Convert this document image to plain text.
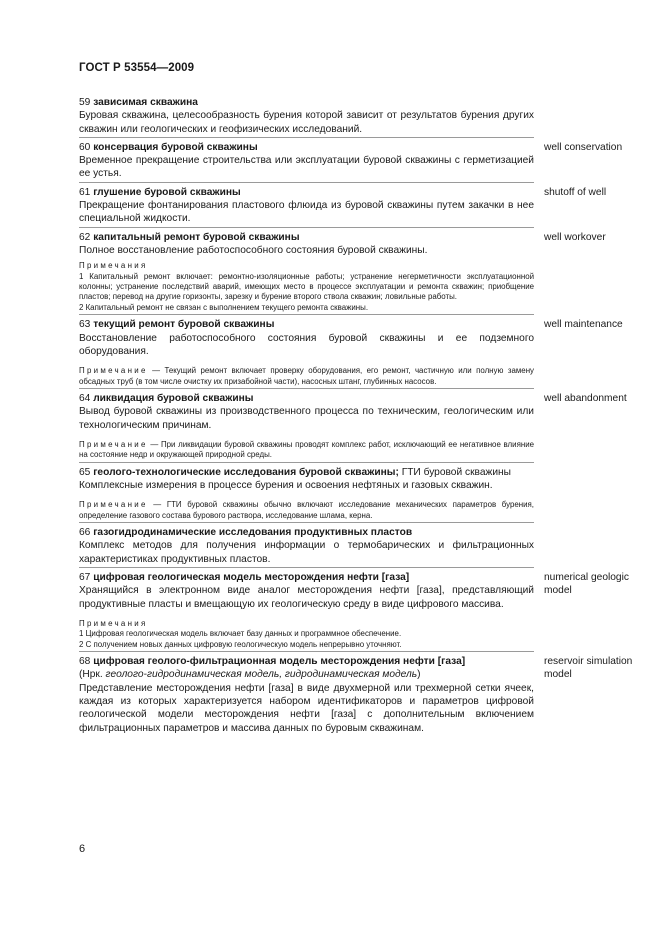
ГОСТ Р 53554—2009
59 зависимая скважина
Буровая скважина, целесообразность бурения которой зависит от результатов бурения других скважин или геологических и геофизических исследований.
60 консервация буровой скважины
Временное прекращение строительства или эксплуатации буровой скважины с герметизацией ее устья.
well conservation
61 глушение буровой скважины
Прекращение фонтанирования пластового флюида из буровой скважины путем закачки в нее специальной жидкости.
shutoff of well
62 капитальный ремонт буровой скважины
Полное восстановление работоспособного состояния буровой скважины.
well workover
Примечания
1 Капитальный ремонт включает: ремонтно-изоляционные работы; устранение негерметичности эксплуатационной колонны; устранение последствий аварий, имеющих место в процессе эксплуатации и ремонта скважин; приобщение пластов; перевод на другие горизонты, зарезку и бурение второго ствола скважин; ловильные работы.
2 Капитальный ремонт не связан с выполнением текущего ремонта скважины.
63 текущий ремонт буровой скважины
Восстановление работоспособного состояния буровой скважины и ее подземного оборудования.
well maintenance
Примечание — Текущий ремонт включает проверку оборудования, его ремонт, частичную или полную замену обсадных труб (в том числе очистку их призабойной части), насосных штанг, глубинных насосов.
64 ликвидация буровой скважины
Вывод буровой скважины из производственного процесса по техническим, геологическим или технологическим причинам.
well abandonment
Примечание — При ликвидации буровой скважины проводят комплекс работ, исключающий ее негативное влияние на состояние недр и окружающей природной среды.
65 геолого-технологические исследования буровой скважины; ГТИ буровой скважины
Комплексные измерения в процессе бурения и освоения нефтяных и газовых скважин.
Примечание — ГТИ буровой скважины обычно включают исследование механических параметров бурения, определение газового состава бурового раствора, исследование шлама, керна.
66 газогидродинамические исследования продуктивных пластов
Комплекс методов для получения информации о термобарических и фильтрационных характеристиках продуктивных пластов.
67 цифровая геологическая модель месторождения нефти [газа]
Хранящийся в электронном виде аналог месторождения нефти [газа], представляющий продуктивные пласты и вмещающую их геологическую среду в виде цифрового массива.
numerical geologic model
Примечания
1 Цифровая геологическая модель включает базу данных и программное обеспечение.
2 С получением новых данных цифровую геологическую модель непрерывно уточняют.
68 цифровая геолого-фильтрационная модель месторождения нефти [газа]
(Нрк. геолого-гидродинамическая модель, гидродинамическая модель)
Представление месторождения нефти [газа] в виде двухмерной или трехмерной сетки ячеек, каждая из которых характеризуется набором идентификаторов и параметров цифровой геологической модели месторождения нефти [газа] с дополнительным включением фильтрационных параметров и массива данных по буровым скважинам.
reservoir simulation model
6
